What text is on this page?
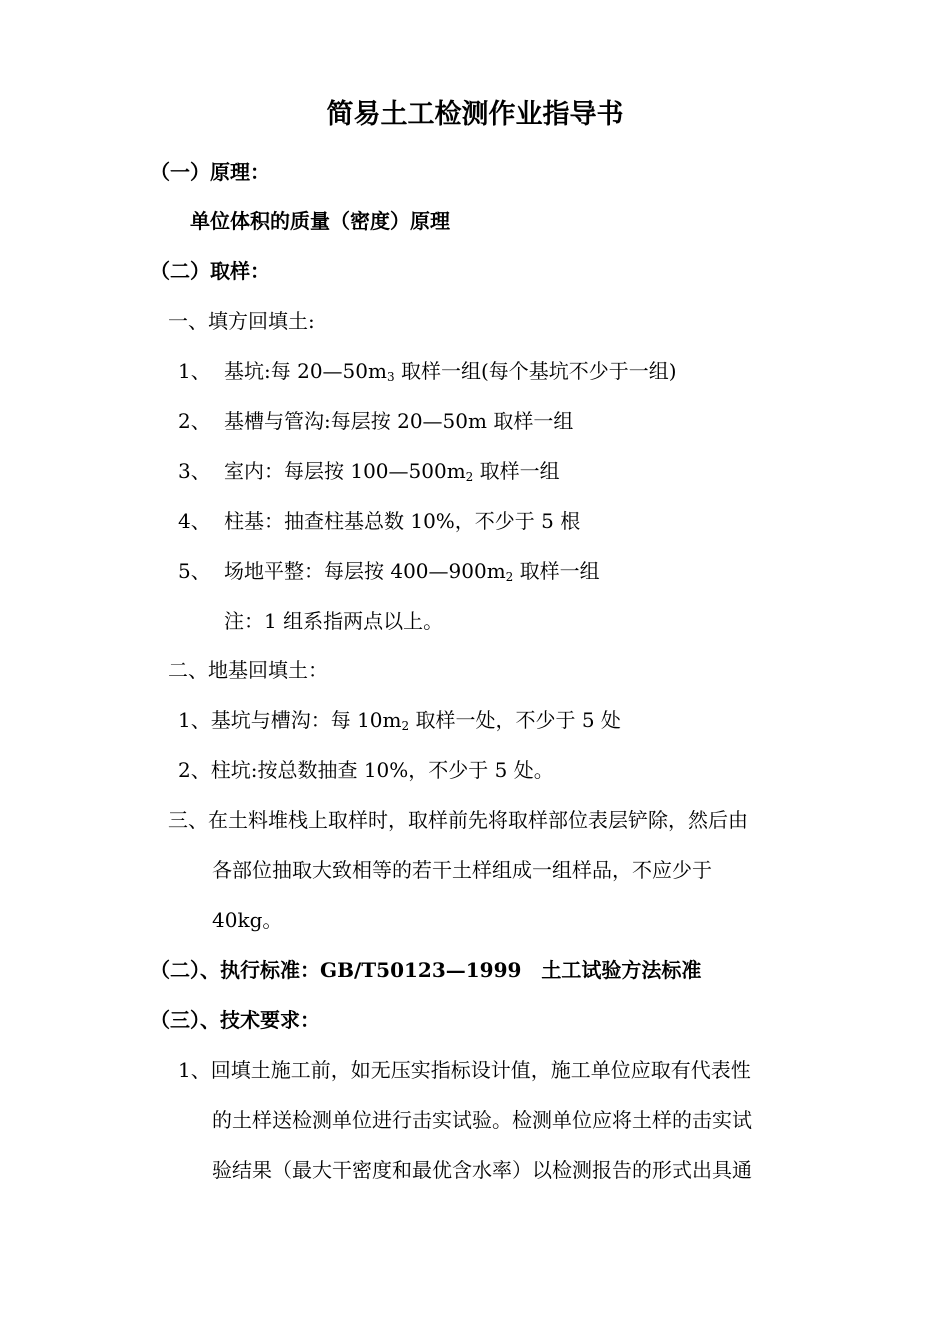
简易土工检测作业指导书
（一）原理：
单位体积的质量（密度）原理
（二）取样：
一、填方回填土:
1、 基坑:每 20—50m3 取样一组(每个基坑不少于一组)
2、 基槽与管沟:每层按 20—50m 取样一组
3、 室内：每层按 100—500m2 取样一组
4、 柱基：抽查柱基总数 10%，不少于 5 根
5、 场地平整：每层按 400—900m2 取样一组
注：1 组系指两点以上。
二、地基回填土：
1、基坑与槽沟：每 10m2 取样一处，不少于 5 处
2、柱坑:按总数抽查 10%，不少于 5 处。
三、在土料堆栈上取样时，取样前先将取样部位表层铲除，然后由
各部位抽取大致相等的若干土样组成一组样品，不应少于
40kg。
（二）、执行标准：GB/T50123—1999　土工试验方法标准
（三）、技术要求：
1、回填土施工前，如无压实指标设计值，施工单位应取有代表性
的土样送检测单位进行击实试验。检测单位应将土样的击实试
验结果（最大干密度和最优含水率）以检测报告的形式出具通
